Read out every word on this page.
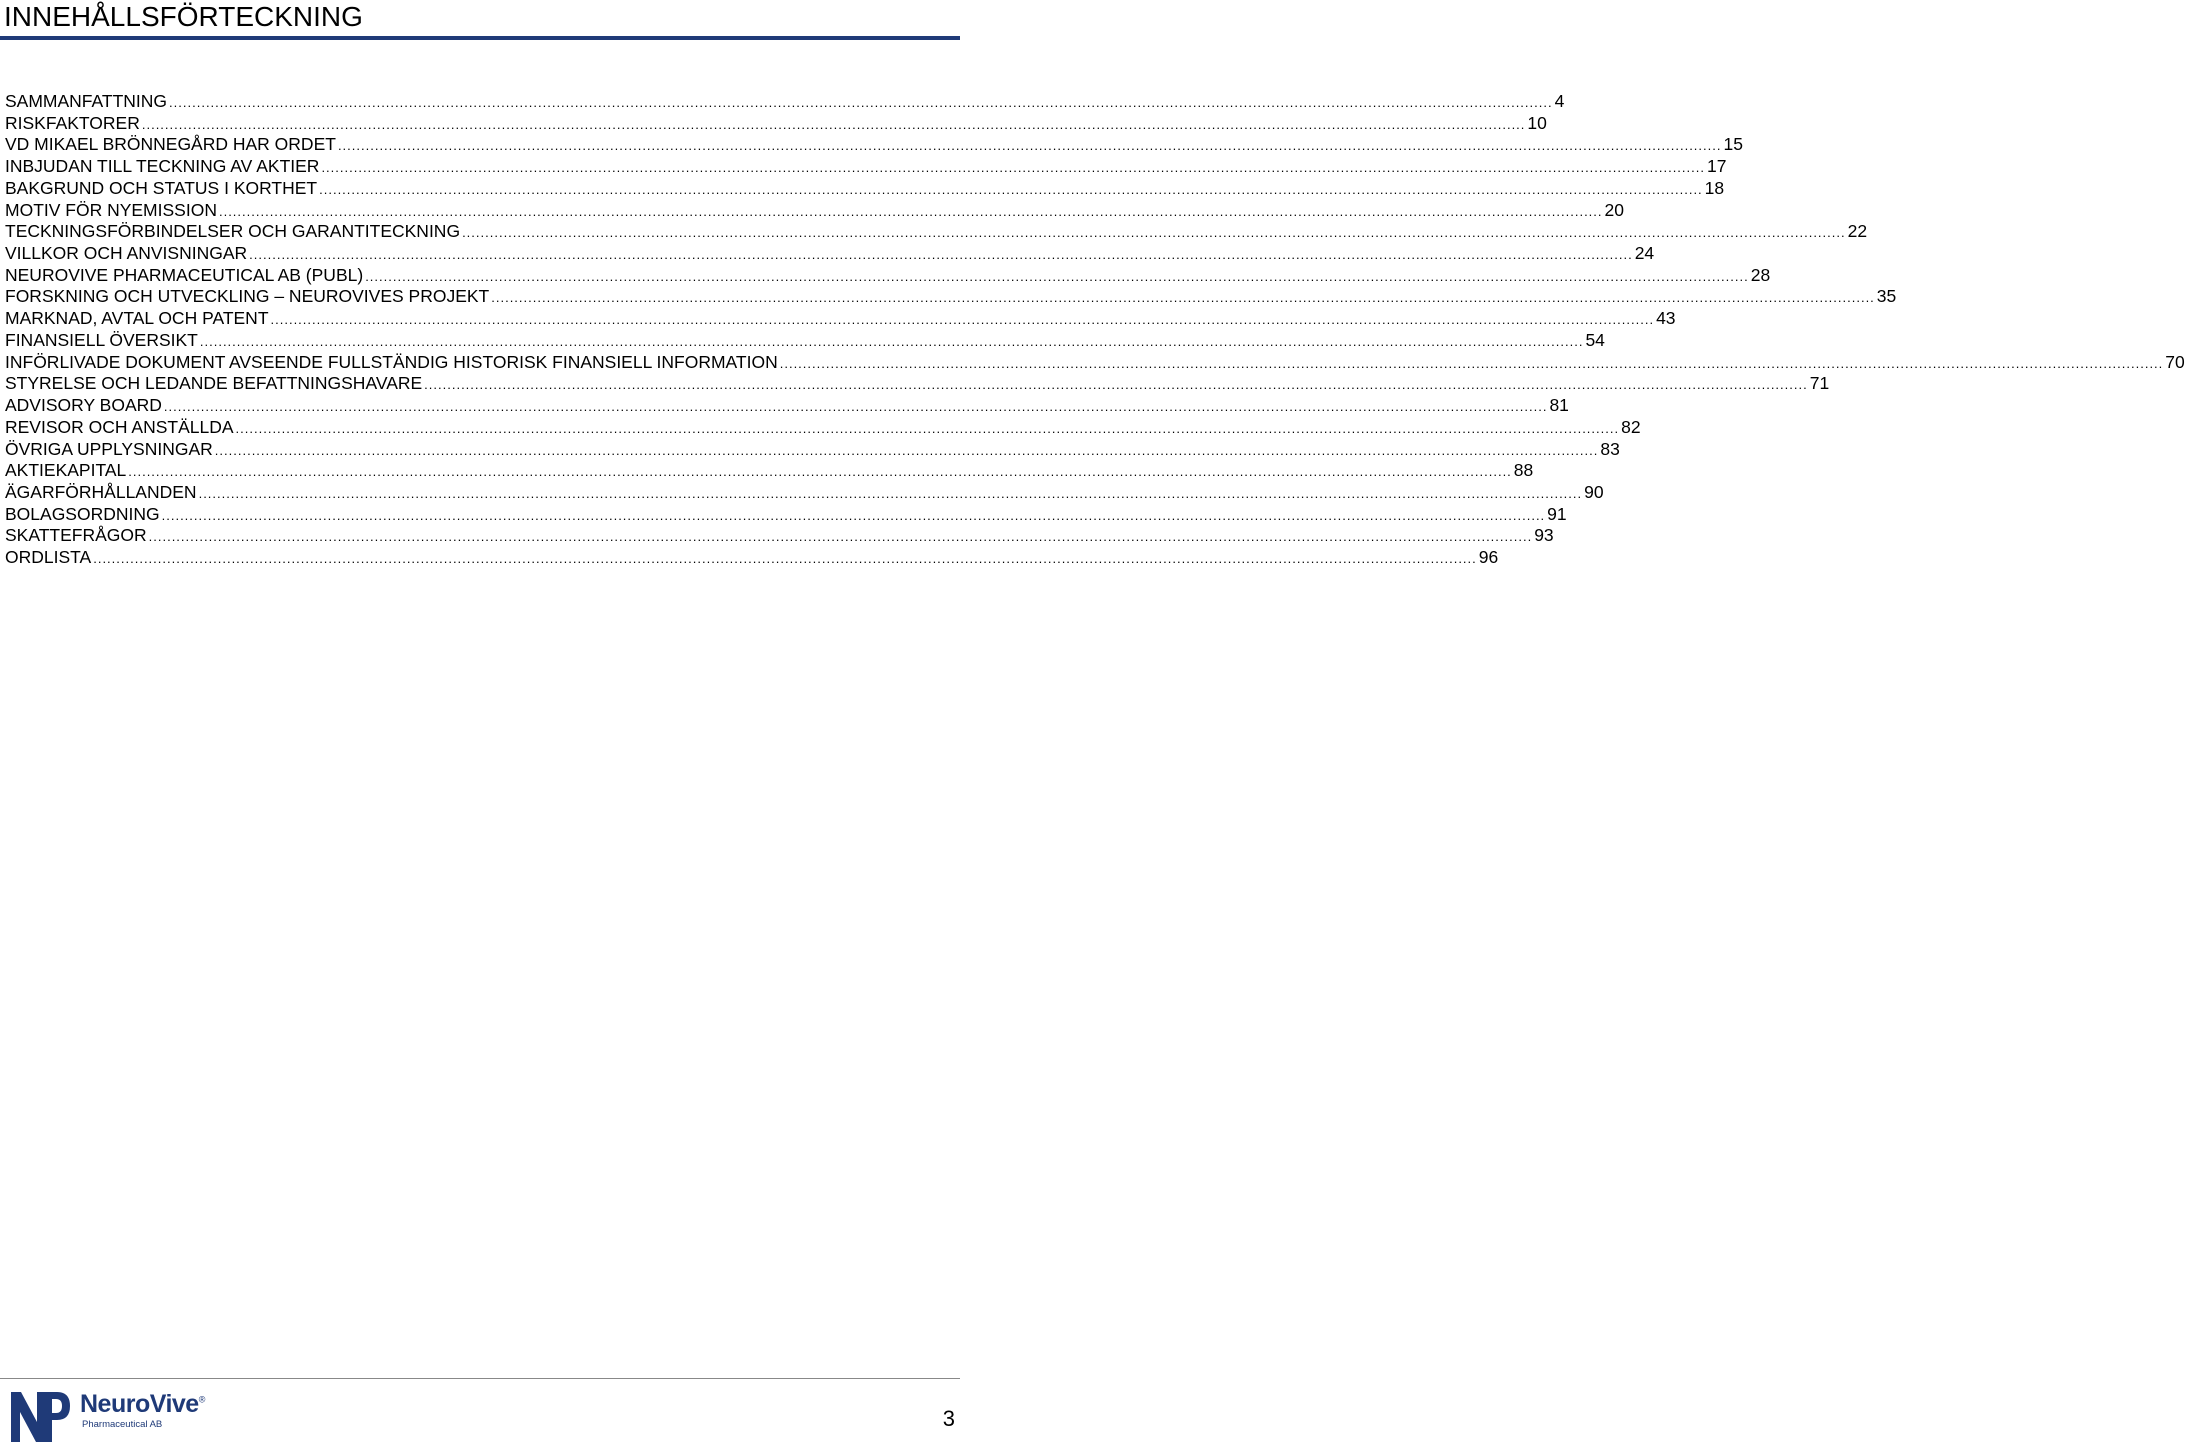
INNEHÅLLSFÖRTECKNING
SAMMANFATTNING ............................................................................................................................................................................................................................................................................................................ 4
RISKFAKTORER ............................................................................................................................................................................................................................................................................................................ 10
VD MIKAEL BRÖNNEGÅRD HAR ORDET ............................................................................................................................................................................................................................................................................................................ 15
INBJUDAN TILL TECKNING AV AKTIER ............................................................................................................................................................................................................................................................................................................ 17
BAKGRUND OCH STATUS I KORTHET ............................................................................................................................................................................................................................................................................................................ 18
MOTIV FÖR NYEMISSION ............................................................................................................................................................................................................................................................................................................ 20
TECKNINGSFÖRBINDELSER OCH GARANTITECKNING ............................................................................................................................................................................................................................................................................................................ 22
VILLKOR OCH ANVISNINGAR ............................................................................................................................................................................................................................................................................................................ 24
NEUROVIVE PHARMACEUTICAL AB (PUBL) ............................................................................................................................................................................................................................................................................................................ 28
FORSKNING OCH UTVECKLING – NEUROVIVES PROJEKT ............................................................................................................................................................................................................................................................................................................ 35
MARKNAD, AVTAL OCH PATENT ............................................................................................................................................................................................................................................................................................................ 43
FINANSIELL ÖVERSIKT ............................................................................................................................................................................................................................................................................................................ 54
INFÖRLIVADE DOKUMENT AVSEENDE FULLSTÄNDIG HISTORISK FINANSIELL INFORMATION ............................................................................................................................................................................................................................................................................................................ 70
STYRELSE OCH LEDANDE BEFATTNINGSHAVARE ............................................................................................................................................................................................................................................................................................................ 71
ADVISORY BOARD ............................................................................................................................................................................................................................................................................................................ 81
REVISOR OCH ANSTÄLLDA ............................................................................................................................................................................................................................................................................................................ 82
ÖVRIGA UPPLYSNINGAR ............................................................................................................................................................................................................................................................................................................ 83
AKTIEKAPITAL ............................................................................................................................................................................................................................................................................................................ 88
ÄGARFÖRHÅLLANDEN ............................................................................................................................................................................................................................................................................................................ 90
BOLAGSORDNING ............................................................................................................................................................................................................................................................................................................ 91
SKATTEFRÅGOR ............................................................................................................................................................................................................................................................................................................ 93
ORDLISTA ............................................................................................................................................................................................................................................................................................................ 96
NeuroVive®
Pharmaceutical AB	3
